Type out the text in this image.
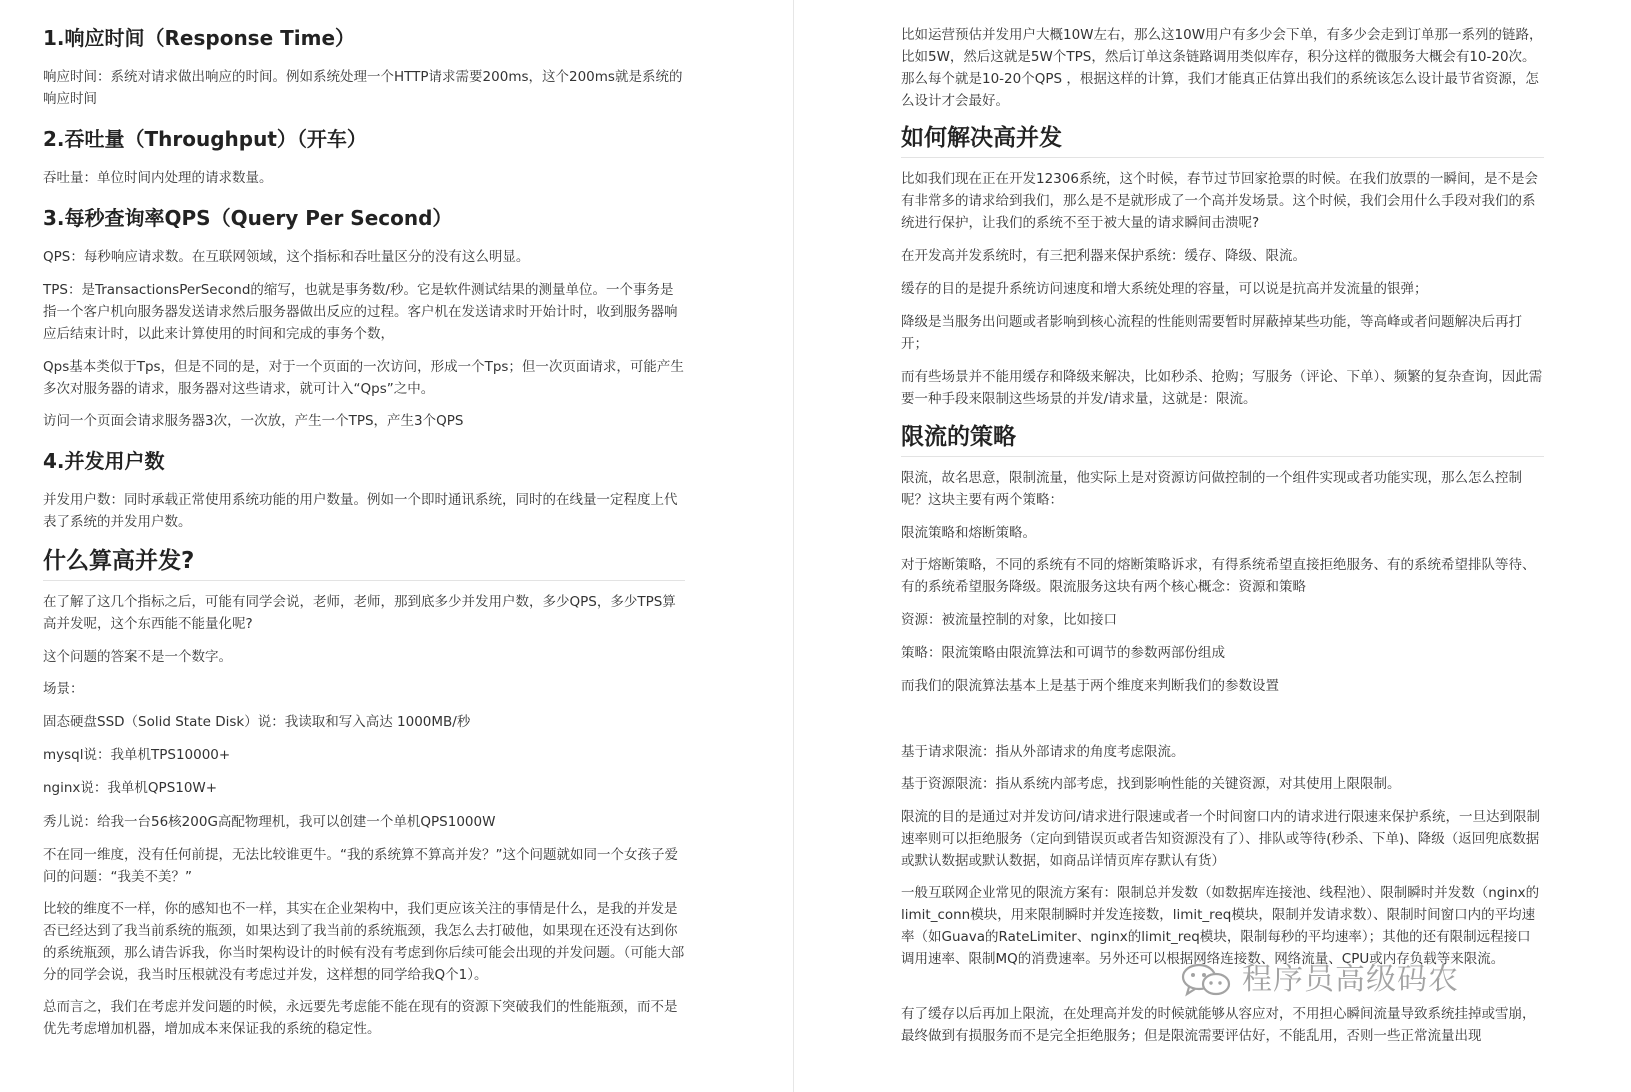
1.响应时间（Response Time）

响应时间：系统对请求做出响应的时间。例如系统处理一个HTTP请求需要200ms，这个200ms就是系统的响应时间

2.吞吐量（Throughput）（开车）

吞吐量：单位时间内处理的请求数量。

3.每秒查询率QPS（Query Per Second）

QPS：每秒响应请求数。在互联网领域，这个指标和吞吐量区分的没有这么明显。

TPS：是TransactionsPerSecond的缩写，也就是事务数/秒。它是软件测试结果的测量单位。一个事务是指一个客户机向服务器发送请求然后服务器做出反应的过程。客户机在发送请求时开始计时，收到服务器响应后结束计时，以此来计算使用的时间和完成的事务个数，

Qps基本类似于Tps，但是不同的是，对于一个页面的一次访问，形成一个Tps；但一次页面请求，可能产生多次对服务器的请求，服务器对这些请求，就可计入“Qps”之中。

访问一个页面会请求服务器3次，一次放，产生一个TPS，产生3个QPS

4.并发用户数

并发用户数：同时承载正常使用系统功能的用户数量。例如一个即时通讯系统，同时的在线量一定程度上代表了系统的并发用户数。

什么算高并发?

在了解了这几个指标之后，可能有同学会说，老师，老师，那到底多少并发用户数，多少QPS，多少TPS算高并发呢，这个东西能不能量化呢?

这个问题的答案不是一个数字。

场景：

固态硬盘SSD（Solid State Disk）说：我读取和写入高达 1000MB/秒

mysql说：我单机TPS10000+

nginx说：我单机QPS10W+

秀儿说：给我一台56核200G高配物理机，我可以创建一个单机QPS1000W

不在同一维度，没有任何前提，无法比较谁更牛。“我的系统算不算高并发？”这个问题就如同一个女孩子爱问的问题：“我美不美？”

比较的维度不一样，你的感知也不一样，其实在企业架构中，我们更应该关注的事情是什么，是我的并发是否已经达到了我当前系统的瓶颈，如果达到了我当前的系统瓶颈，我怎么去打破他，如果现在还没有达到你的系统瓶颈，那么请告诉我，你当时架构设计的时候有没有考虑到你后续可能会出现的并发问题。（可能大部分的同学会说，我当时压根就没有考虑过并发，这样想的同学给我Q个1）。

总而言之，我们在考虑并发问题的时候，永远要先考虑能不能在现有的资源下突破我们的性能瓶颈，而不是优先考虑增加机器，增加成本来保证我的系统的稳定性。

比如运营预估并发用户大概10W左右，那么这10W用户有多少会下单，有多少会走到订单那一系列的链路，比如5W，然后这就是5W个TPS，然后订单这条链路调用类似库存，积分这样的微服务大概会有10-20次。那么每个就是10-20个QPS ，根据这样的计算，我们才能真正估算出我们的系统该怎么设计最节省资源，怎么设计才会最好。

如何解决高并发

比如我们现在正在开发12306系统，这个时候，春节过节回家抢票的时候。在我们放票的一瞬间，是不是会有非常多的请求给到我们，那么是不是就形成了一个高并发场景。这个时候，我们会用什么手段对我们的系统进行保护，让我们的系统不至于被大量的请求瞬间击溃呢?

在开发高并发系统时，有三把利器来保护系统：缓存、降级、限流。

缓存的目的是提升系统访问速度和增大系统处理的容量，可以说是抗高并发流量的银弹；

降级是当服务出问题或者影响到核心流程的性能则需要暂时屏蔽掉某些功能，等高峰或者问题解决后再打开；

而有些场景并不能用缓存和降级来解决，比如秒杀、抢购；写服务（评论、下单）、频繁的复杂查询，因此需要一种手段来限制这些场景的并发/请求量，这就是：限流。

限流的策略

限流，故名思意，限制流量，他实际上是对资源访问做控制的一个组件实现或者功能实现，那么怎么控制呢？这块主要有两个策略：

限流策略和熔断策略。

对于熔断策略，不同的系统有不同的熔断策略诉求，有得系统希望直接拒绝服务、有的系统希望排队等待、有的系统希望服务降级。限流服务这块有两个核心概念：资源和策略

资源：被流量控制的对象，比如接口

策略：限流策略由限流算法和可调节的参数两部份组成

而我们的限流算法基本上是基于两个维度来判断我们的参数设置

基于请求限流：指从外部请求的角度考虑限流。

基于资源限流：指从系统内部考虑，找到影响性能的关键资源，对其使用上限限制。

限流的目的是通过对并发访问/请求进行限速或者一个时间窗口内的请求进行限速来保护系统，一旦达到限制速率则可以拒绝服务（定向到错误页或者告知资源没有了）、排队或等待(秒杀、下单)、降级（返回兜底数据或默认数据或默认数据，如商品详情页库存默认有货）

一般互联网企业常见的限流方案有：限制总并发数（如数据库连接池、线程池）、限制瞬时并发数（nginx的limit_conn模块，用来限制瞬时并发连接数，limit_req模块，限制并发请求数）、限制时间窗口内的平均速率（如Guava的RateLimiter、nginx的limit_req模块，限制每秒的平均速率）；其他的还有限制远程接口调用速率、限制MQ的消费速率。另外还可以根据网络连接数、网络流量、CPU或内存负载等来限流。

有了缓存以后再加上限流，在处理高并发的时候就能够从容应对，不用担心瞬间流量导致系统挂掉或雪崩，最终做到有损服务而不是完全拒绝服务；但是限流需要评估好，不能乱用，否则一些正常流量出现

程序员高级码农
